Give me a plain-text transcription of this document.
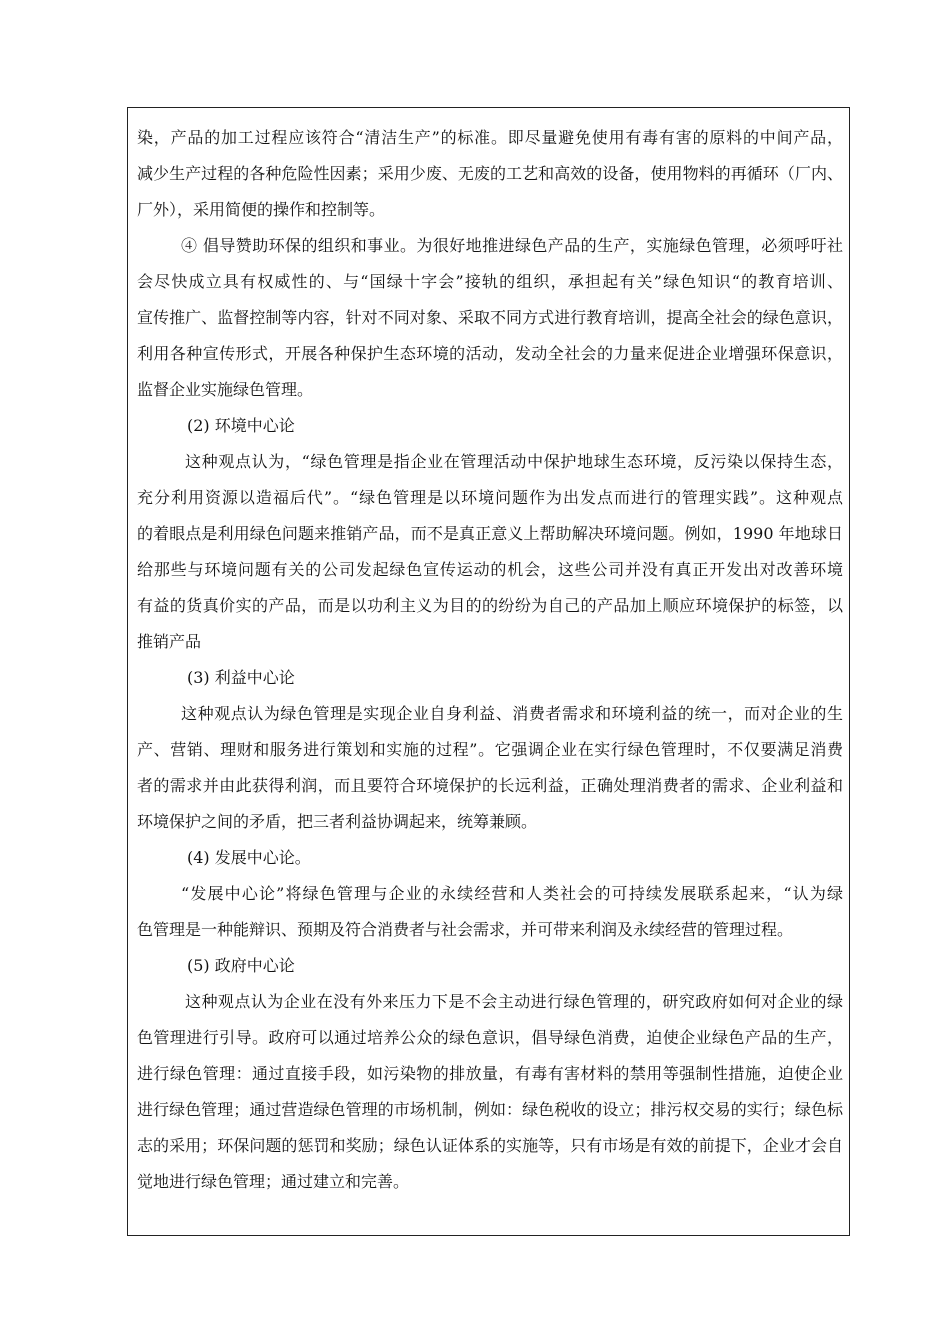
染，产品的加工过程应该符合“清洁生产”的标准。即尽量避免使用有毒有害的原料的中间产品，
减少生产过程的各种危险性因素；采用少废、无废的工艺和高效的设备，使用物料的再循环（厂内、
厂外），采用简便的操作和控制等。
④ 倡导赞助环保的组织和事业。为很好地推进绿色产品的生产，实施绿色管理，必须呼吁社
会尽快成立具有权威性的、与“国绿十字会”接轨的组织，承担起有关”绿色知识“的教育培训、
宣传推广、监督控制等内容，针对不同对象、采取不同方式进行教育培训，提高全社会的绿色意识，
利用各种宣传形式，开展各种保护生态环境的活动，发动全社会的力量来促进企业增强环保意识，
监督企业实施绿色管理。
(2) 环境中心论
这种观点认为，“绿色管理是指企业在管理活动中保护地球生态环境，反污染以保持生态，
充分利用资源以造福后代”。“绿色管理是以环境问题作为出发点而进行的管理实践”。这种观点
的着眼点是利用绿色问题来推销产品，而不是真正意义上帮助解决环境问题。例如，1990 年地球日
给那些与环境问题有关的公司发起绿色宣传运动的机会，这些公司并没有真正开发出对改善环境
有益的货真价实的产品，而是以功利主义为目的的纷纷为自己的产品加上顺应环境保护的标签，以
推销产品
(3) 利益中心论
这种观点认为绿色管理是实现企业自身利益、消费者需求和环境利益的统一，而对企业的生
产、营销、理财和服务进行策划和实施的过程”。它强调企业在实行绿色管理时，不仅要满足消费
者的需求并由此获得利润，而且要符合环境保护的长远利益，正确处理消费者的需求、企业利益和
环境保护之间的矛盾，把三者利益协调起来，统筹兼顾。
(4) 发展中心论。
“发展中心论”将绿色管理与企业的永续经营和人类社会的可持续发展联系起来，“认为绿
色管理是一种能辩识、预期及符合消费者与社会需求，并可带来利润及永续经营的管理过程。
(5) 政府中心论
这种观点认为企业在没有外来压力下是不会主动进行绿色管理的，研究政府如何对企业的绿
色管理进行引导。政府可以通过培养公众的绿色意识，倡导绿色消费，迫使企业绿色产品的生产，
进行绿色管理：通过直接手段，如污染物的排放量，有毒有害材料的禁用等强制性措施，迫使企业
进行绿色管理；通过营造绿色管理的市场机制，例如：绿色税收的设立；排污权交易的实行；绿色标
志的采用；环保问题的惩罚和奖励；绿色认证体系的实施等，只有市场是有效的前提下，企业才会自
觉地进行绿色管理；通过建立和完善。
